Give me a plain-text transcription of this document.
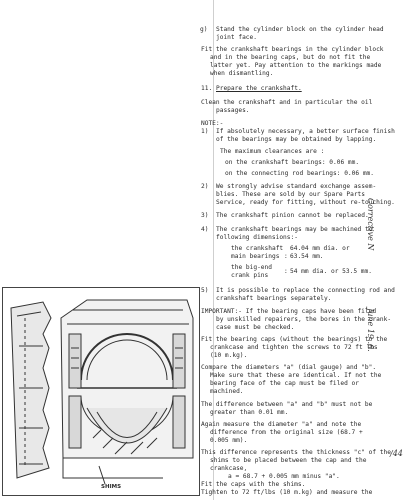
g) Stand the cylinder block on the cylinder head
joint face.
Fit the crankshaft bearings in the cylinder block
and in the bearing caps, but do not fit the
latter yet. Pay attention to the markings made
when dismantling.
11. Prepare the crankshaft.
Clean the crankshaft and in particular the oil
passages.
NOTE:-
1) If absolutely necessary, a better surface finish
of the bearings may be obtained by lapping.
The maximum clearances are :
on the crankshaft bearings: 0.06 mm.
on the connecting rod bearings: 0.06 mm.
2) We strongly advise standard exchange assem-
blies. These are sold by our Spare Parts
Service, ready for fitting, without re-touching.
3) The crankshaft pinion cannot be replaced.
4) The crankshaft bearings may be machined to
following dimensions:-
the crankshaft
main bearings :
64.04 mm dia. or
63.54 mm.
the big-end
crank pins
: 54 mm dia. or 53.5 mm.
5) It is possible to replace the connecting rod and
crankshaft bearings separately.
IMPORTANT:- If the bearing caps have been filed
by unskilled repairers, the bores in the crank-
case must be checked.
Fit the bearing caps (without the bearings) to the
crankcase and tighten the screws to 72 ft lbs
(10 m.kg).
Compare the diameters "a" (dial gauge) and "b".
Make sure that these are identical. If not the
bearing face of the cap must be filed or
machined.
The difference between "a" and "b" must not be
greater than 0.01 mm.
Again measure the diameter "a" and note the
difference from the original size (68.7 +
0.005 mm).
This difference represents the thickness "c" of the
shims to be placed between the cap and the
crankcase,
a = 68.7 + 0.005 mm minus "a".
Fit the caps with the shims.
Tighten to 72 ft/lbs (10 m.kg) and measure the
Corrective N
June 19..6.
/44
SHIMS
